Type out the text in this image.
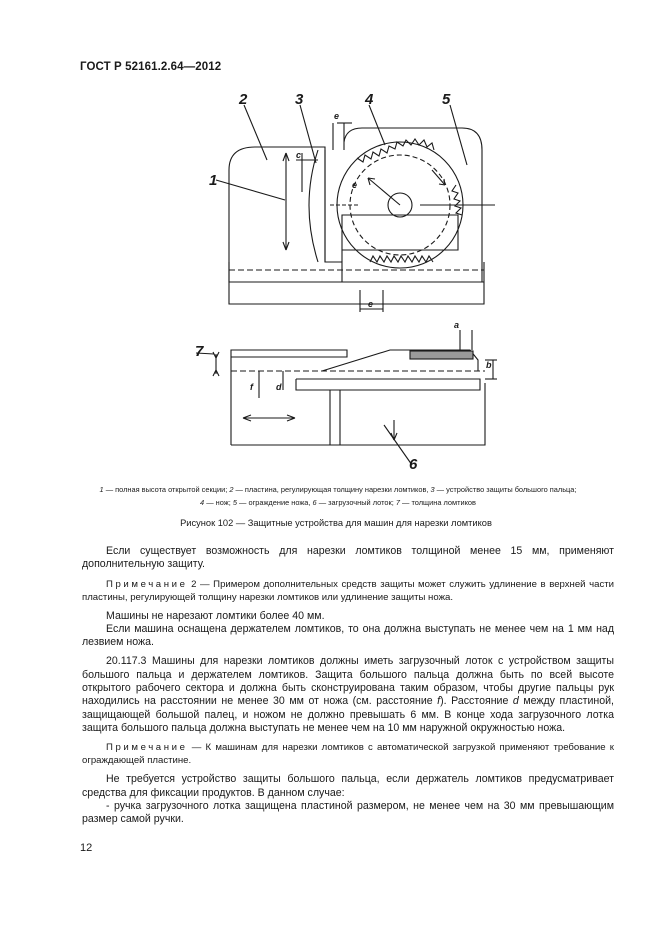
ГОСТ Р 52161.2.64—2012
2	3	4	5
1
7
6
e
c
e
a
e
d
b
f
1 — полная высота открытой секции; 2 — пластина, регулирующая толщину нарезки ломтиков, 3 — устройство защиты большого пальца;
4 — нож; 5 — ограждение ножа, 6 — загрузочный лоток; 7 — толщина ломтиков
Рисунок 102 — Защитные устройства для машин для нарезки ломтиков

Если существует возможность для нарезки ломтиков толщиной менее 15 мм, применяют дополнительную защиту.

Примечание 2 — Примером дополнительных средств защиты может служить удлинение в верхней части пластины, регулирующей толщину нарезки ломтиков или удлинение защиты ножа.

Машины не нарезают ломтики более 40 мм.

Если машина оснащена держателем ломтиков, то она должна выступать не менее чем на 1 мм над лезвием ножа.

20.117.3 Машины для нарезки ломтиков должны иметь загрузочный лоток с устройством защиты большого пальца и держателем ломтиков. Защита большого пальца должна быть по всей высоте открытого рабочего сектора и должна быть сконструирована таким образом, чтобы другие пальцы рук находились на расстоянии не менее 30 мм от ножа (см. расстояние f). Расстояние d между пластиной, защищающей большой палец, и ножом не должно превышать 6 мм. В конце хода загрузочного лотка защита большого пальца должна выступать не менее чем на 10 мм наружной окружностью ножа.

Примечание — К машинам для нарезки ломтиков с автоматической загрузкой применяют требование к ограждающей пластине.

Не требуется устройство защиты большого пальца, если держатель ломтиков предусматривает средства для фиксации продуктов. В данном случае:

- ручка загрузочного лотка защищена пластиной размером, не менее чем на 30 мм превышающим размер самой ручки.

12
